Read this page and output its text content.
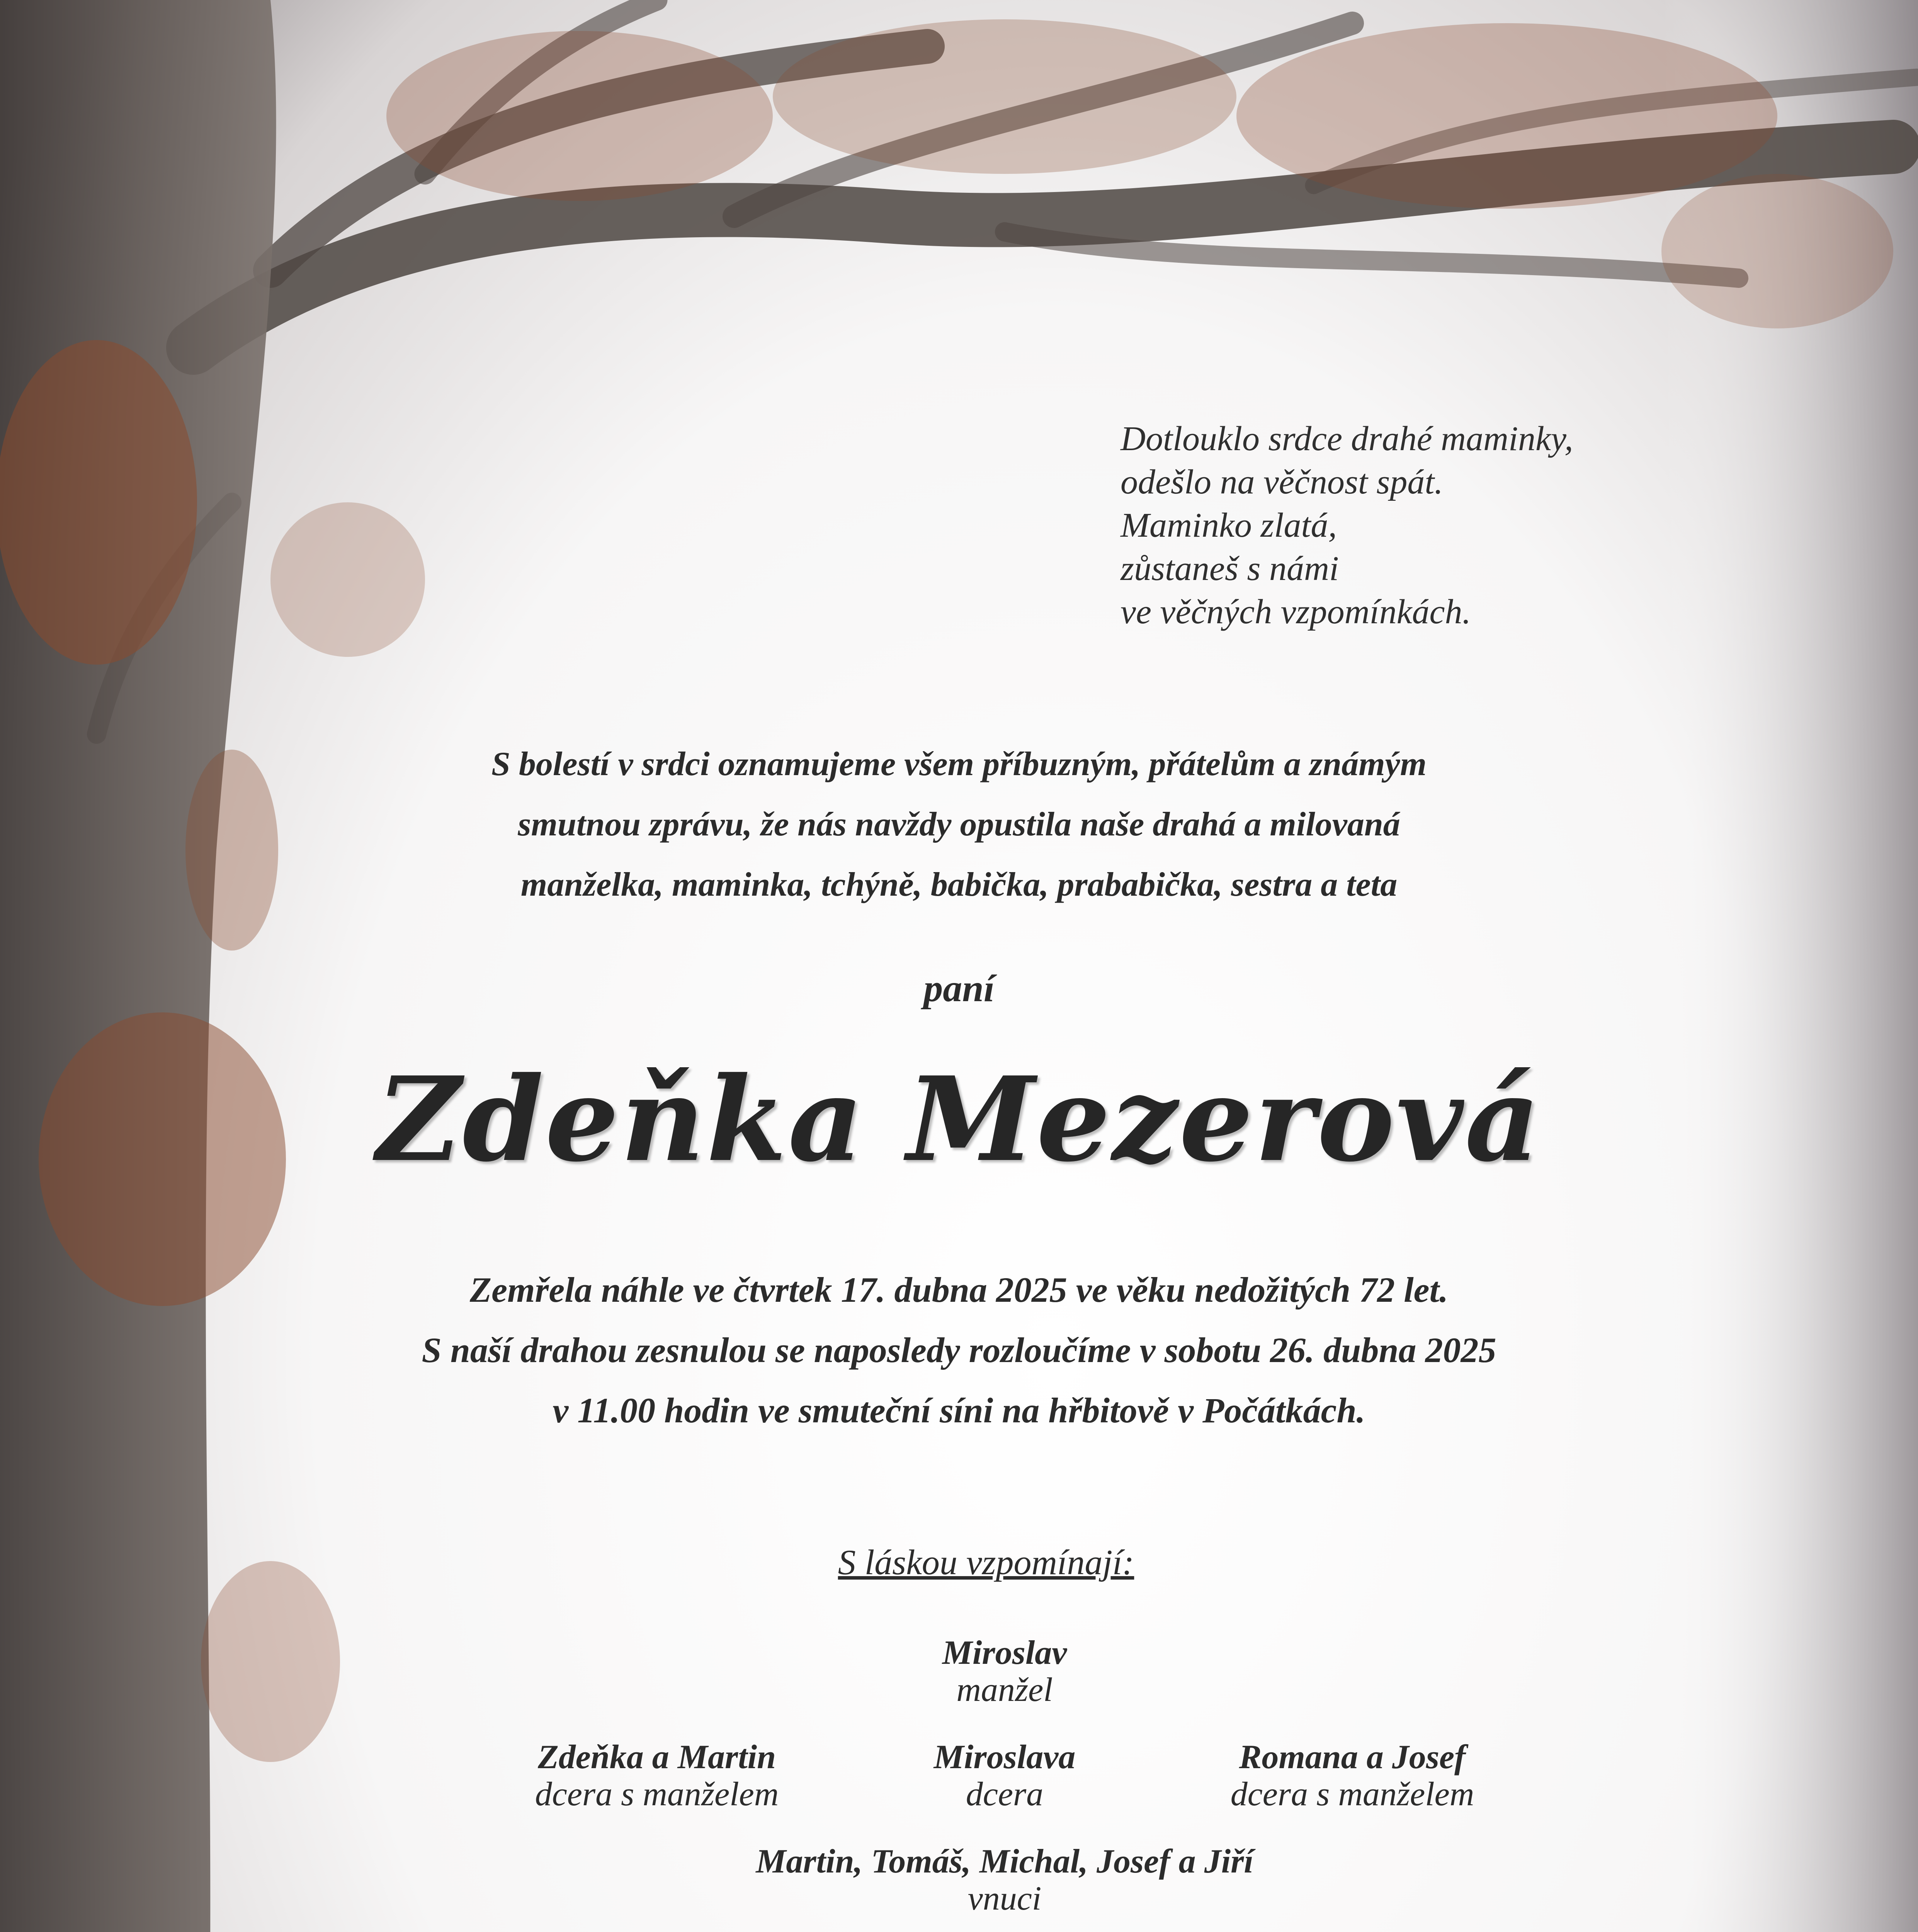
Dotlouklo srdce drahé maminky,
odešlo na věčnost spát.
Maminko zlatá,
zůstaneš s námi
ve věčných vzpomínkách.
S bolestí v srdci oznamujeme všem příbuzným, přátelům a známým
smutnou zprávu, že nás navždy opustila naše drahá a milovaná
manželka, maminka, tchýně, babička, prababička, sestra a teta
paní
Zdeňka Mezerová
Zemřela náhle ve čtvrtek 17. dubna 2025 ve věku nedožitých 72 let.
S naší drahou zesnulou se naposledy rozloučíme v sobotu 26. dubna 2025
v 11.00 hodin ve smuteční síni na hřbitově v Počátkách.
S láskou vzpomínají:
Miroslav
manžel
Zdeňka a Martin
dcera s manželem
Miroslava
dcera
Romana a Josef
dcera s manželem
Martin, Tomáš, Michal, Josef a Jiří
vnuci
